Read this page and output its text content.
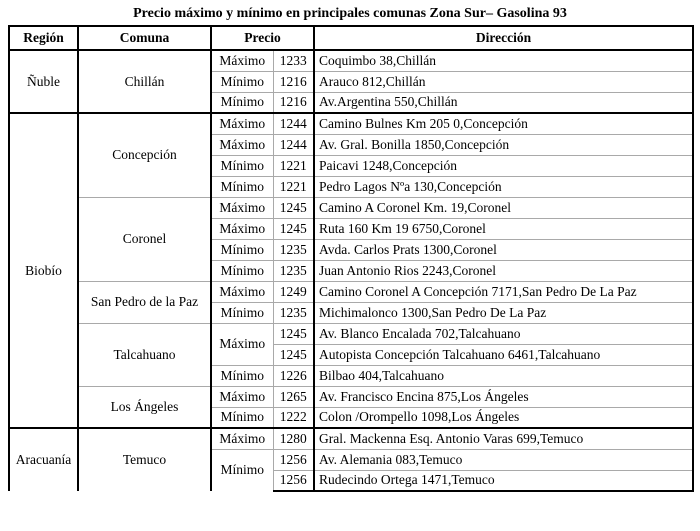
Precio máximo y mínimo en principales comunas Zona Sur– Gasolina 93
Región	Comuna	Precio		Dirección
Ñuble	Chillán	Máximo	1233	Coquimbo 38,Chillán
		Mínimo	1216	Arauco 812,Chillán
		Mínimo	1216	Av.Argentina 550,Chillán
Biobío	Concepción	Máximo	1244	Camino Bulnes Km 205 0,Concepción
		Máximo	1244	Av. Gral. Bonilla 1850,Concepción
		Mínimo	1221	Paicavi 1248,Concepción
		Mínimo	1221	Pedro Lagos Nºa 130,Concepción
	Coronel	Máximo	1245	Camino A Coronel Km. 19,Coronel
		Máximo	1245	Ruta 160 Km 19 6750,Coronel
		Mínimo	1235	Avda. Carlos Prats 1300,Coronel
		Mínimo	1235	Juan Antonio Rios 2243,Coronel
	San Pedro de la Paz	Máximo	1249	Camino Coronel A Concepción 7171,San Pedro De La Paz
		Mínimo	1235	Michimalonco 1300,San Pedro De La Paz
	Talcahuano	Máximo	1245	Av. Blanco Encalada 702,Talcahuano
			1245	Autopista Concepción Talcahuano 6461,Talcahuano
		Mínimo	1226	Bilbao 404,Talcahuano
	Los Ángeles	Máximo	1265	Av. Francisco Encina 875,Los Ángeles
		Mínimo	1222	Colon /Orompello 1098,Los Ángeles
Aracuanía	Temuco	Máximo	1280	Gral. Mackenna Esq. Antonio Varas 699,Temuco
		Mínimo	1256	Av. Alemania 083,Temuco
			1256	Rudecindo Ortega 1471,Temuco
